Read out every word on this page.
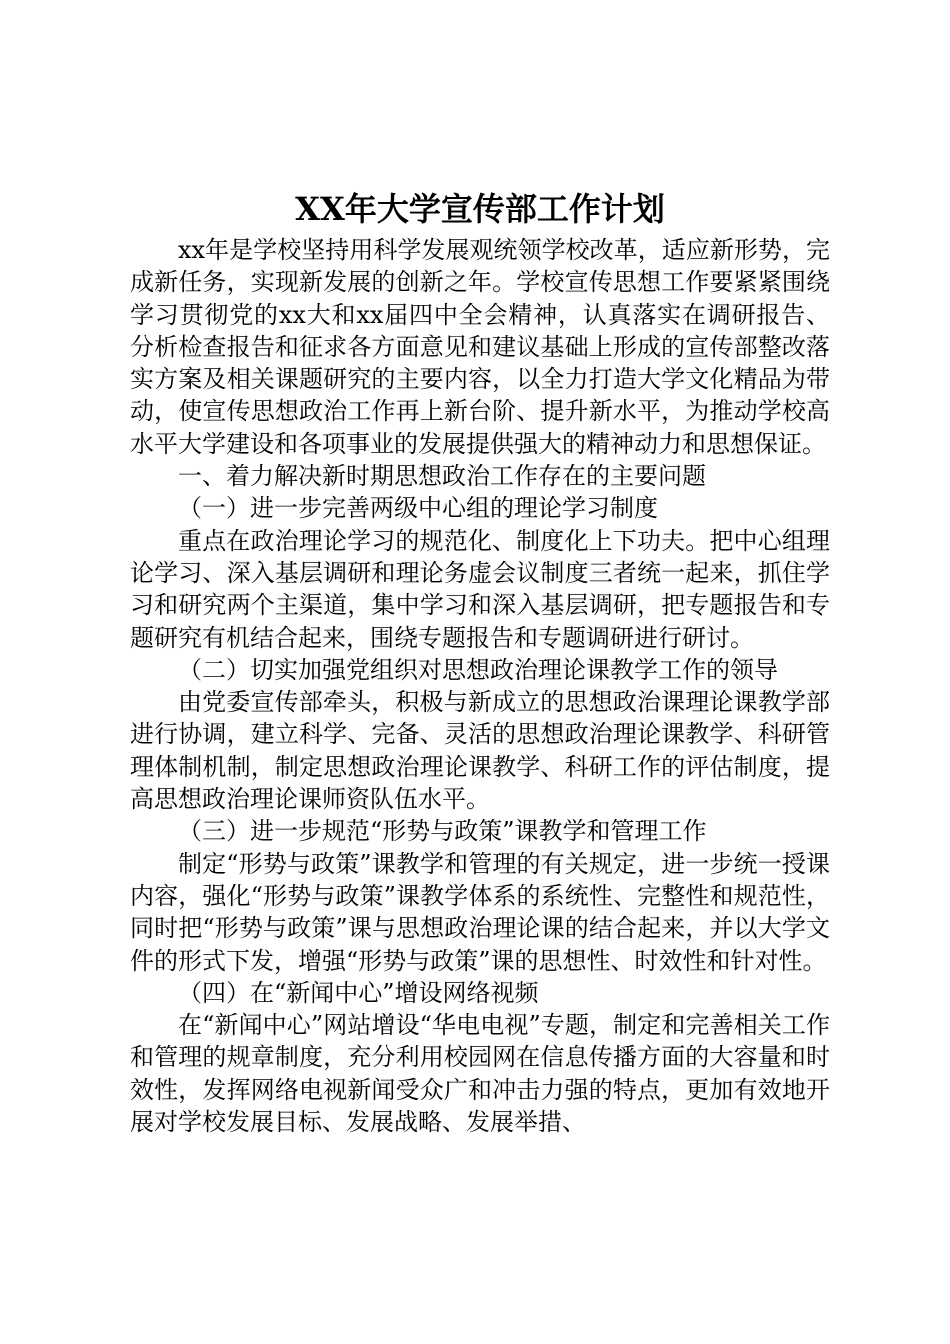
XX年大学宣传部工作计划

xx年是学校坚持用科学发展观统领学校改革，适应新形势，完成新任务，实现新发展的创新之年。学校宣传思想工作要紧紧围绕学习贯彻党的xx大和xx届四中全会精神，认真落实在调研报告、分析检查报告和征求各方面意见和建议基础上形成的宣传部整改落实方案及相关课题研究的主要内容，以全力打造大学文化精品为带动，使宣传思想政治工作再上新台阶、提升新水平，为推动学校高水平大学建设和各项事业的发展提供强大的精神动力和思想保证。

一、着力解决新时期思想政治工作存在的主要问题

（一）进一步完善两级中心组的理论学习制度

重点在政治理论学习的规范化、制度化上下功夫。把中心组理论学习、深入基层调研和理论务虚会议制度三者统一起来，抓住学习和研究两个主渠道，集中学习和深入基层调研，把专题报告和专题研究有机结合起来，围绕专题报告和专题调研进行研讨。

（二）切实加强党组织对思想政治理论课教学工作的领导

由党委宣传部牵头，积极与新成立的思想政治课理论课教学部进行协调，建立科学、完备、灵活的思想政治理论课教学、科研管理体制机制，制定思想政治理论课教学、科研工作的评估制度，提高思想政治理论课师资队伍水平。

（三）进一步规范“形势与政策”课教学和管理工作

制定“形势与政策”课教学和管理的有关规定，进一步统一授课内容，强化“形势与政策”课教学体系的系统性、完整性和规范性，同时把“形势与政策”课与思想政治理论课的结合起来，并以大学文件的形式下发，增强“形势与政策”课的思想性、时效性和针对性。

（四）在“新闻中心”增设网络视频

在“新闻中心”网站增设“华电电视”专题，制定和完善相关工作和管理的规章制度，充分利用校园网在信息传播方面的大容量和时效性，发挥网络电视新闻受众广和冲击力强的特点，更加有效地开展对学校发展目标、发展战略、发展举措、
